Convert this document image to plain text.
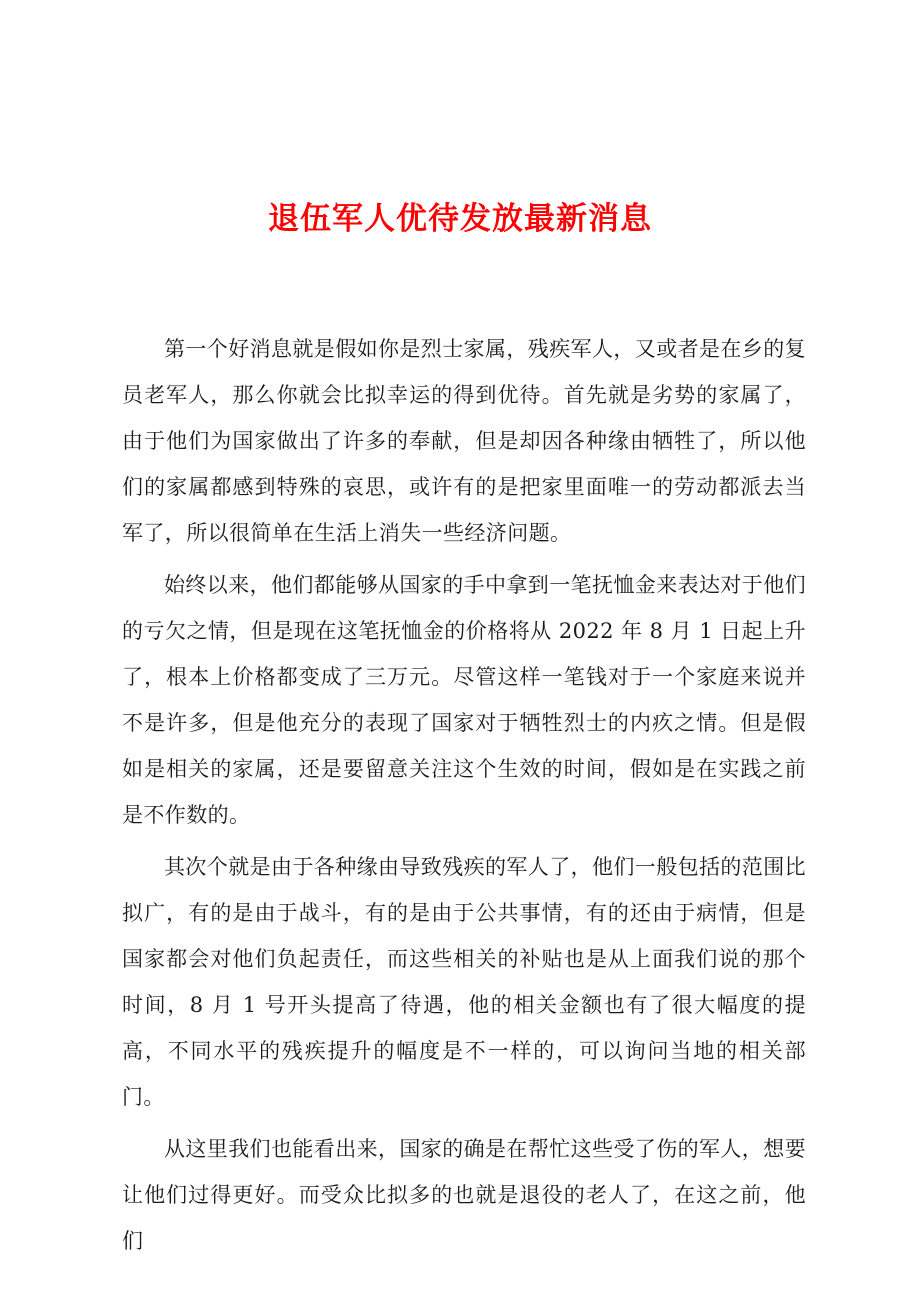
退伍军人优待发放最新消息

第一个好消息就是假如你是烈士家属，残疾军人，又或者是在乡的复员老军人，那么你就会比拟幸运的得到优待。首先就是劣势的家属了，由于他们为国家做出了许多的奉献，但是却因各种缘由牺牲了，所以他们的家属都感到特殊的哀思，或许有的是把家里面唯一的劳动都派去当军了，所以很简单在生活上消失一些经济问题。

始终以来，他们都能够从国家的手中拿到一笔抚恤金来表达对于他们的亏欠之情，但是现在这笔抚恤金的价格将从 2022 年 8 月 1 日起上升了，根本上价格都变成了三万元。尽管这样一笔钱对于一个家庭来说并不是许多，但是他充分的表现了国家对于牺牲烈士的内疚之情。但是假如是相关的家属，还是要留意关注这个生效的时间，假如是在实践之前是不作数的。

其次个就是由于各种缘由导致残疾的军人了，他们一般包括的范围比拟广，有的是由于战斗，有的是由于公共事情，有的还由于病情，但是国家都会对他们负起责任，而这些相关的补贴也是从上面我们说的那个时间，8 月 1 号开头提高了待遇，他的相关金额也有了很大幅度的提高，不同水平的残疾提升的幅度是不一样的，可以询问当地的相关部门。

从这里我们也能看出来，国家的确是在帮忙这些受了伤的军人，想要让他们过得更好。而受众比拟多的也就是退役的老人了，在这之前，他们
